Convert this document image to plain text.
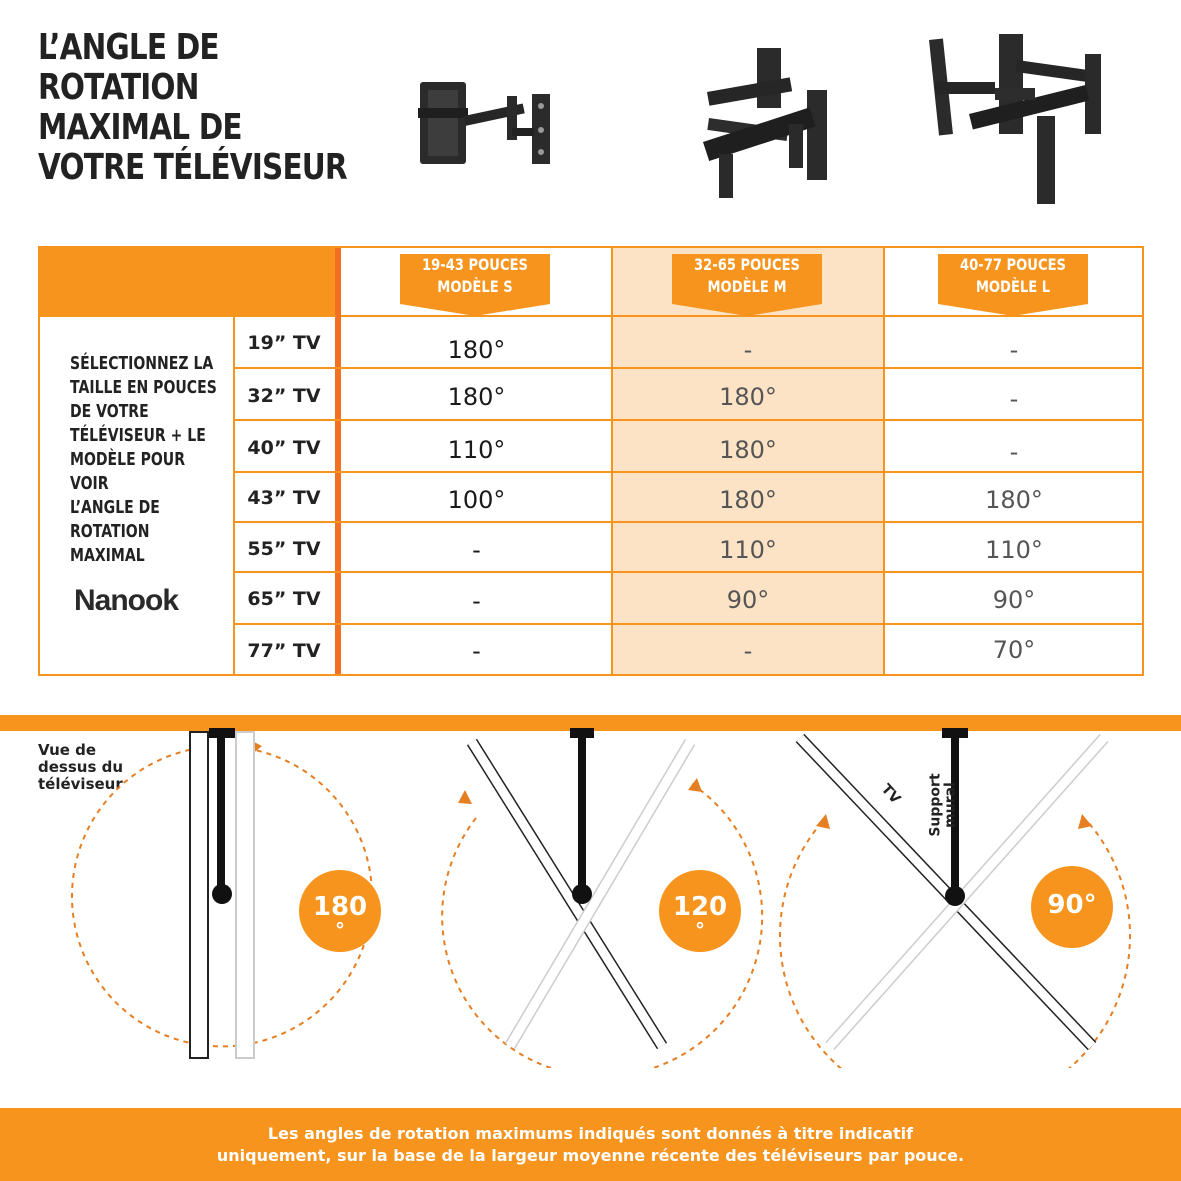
L’ANGLE DE
ROTATION
MAXIMAL DE
VOTRE TÉLÉVISEUR
19-43 POUCES
MODÈLE S
32-65 POUCES
MODÈLE M
40-77 POUCES
MODÈLE L
19” TV	180°	-	-
32” TV	180°	180°	-
40” TV	110°	180°	-
43” TV	100°	180°	180°
55” TV	-	110°	110°
65” TV	-	90°	90°
77” TV	-	-	70°
SÉLECTIONNEZ LA
TAILLE EN POUCES
DE VOTRE
TÉLÉVISEUR + LE
MODÈLE POUR VOIR
L’ANGLE DE
ROTATION
MAXIMAL
Nanook
Vue de
dessus du
téléviseur	TV Support mural
180
°
120
°
90°
Les angles de rotation maximums indiqués sont donnés à titre indicatif
uniquement, sur la base de la largeur moyenne récente des téléviseurs par pouce.
